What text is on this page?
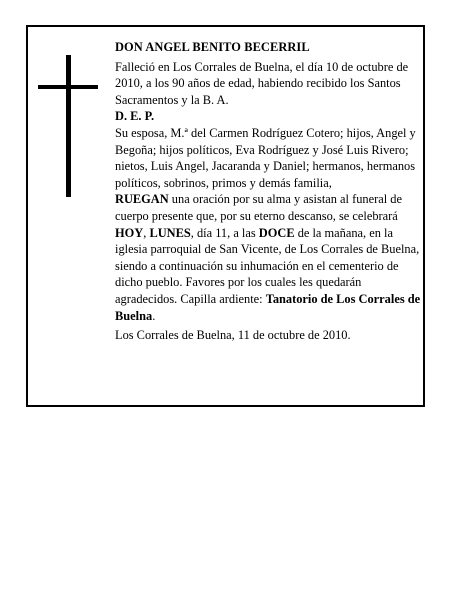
DON ANGEL BENITO BECERRIL

Falleció en Los Corrales de Buelna, el día 10 de octubre de 2010, a los 90 años de edad, habiendo recibido los Santos Sacramentos y la B. A.

D. E. P.

Su esposa, M.ª del Carmen Rodríguez Cotero; hijos, Angel y Begoña; hijos políticos, Eva Rodríguez y José Luis Rivero; nietos, Luis Angel, Jacaranda y Daniel; hermanos, hermanos políticos, sobrinos, primos y demás familia,

RUEGAN una oración por su alma y asistan al funeral de cuerpo presente que, por su eterno descanso, se celebrará HOY, LUNES, día 11, a las DOCE de la mañana, en la iglesia parroquial de San Vicente, de Los Corrales de Buelna, siendo a continuación su inhumación en el cementerio de dicho pueblo. Favores por los cuales les quedarán agradecidos. Capilla ardiente: Tanatorio de Los Corrales de Buelna.

Los Corrales de Buelna, 11 de octubre de 2010.
